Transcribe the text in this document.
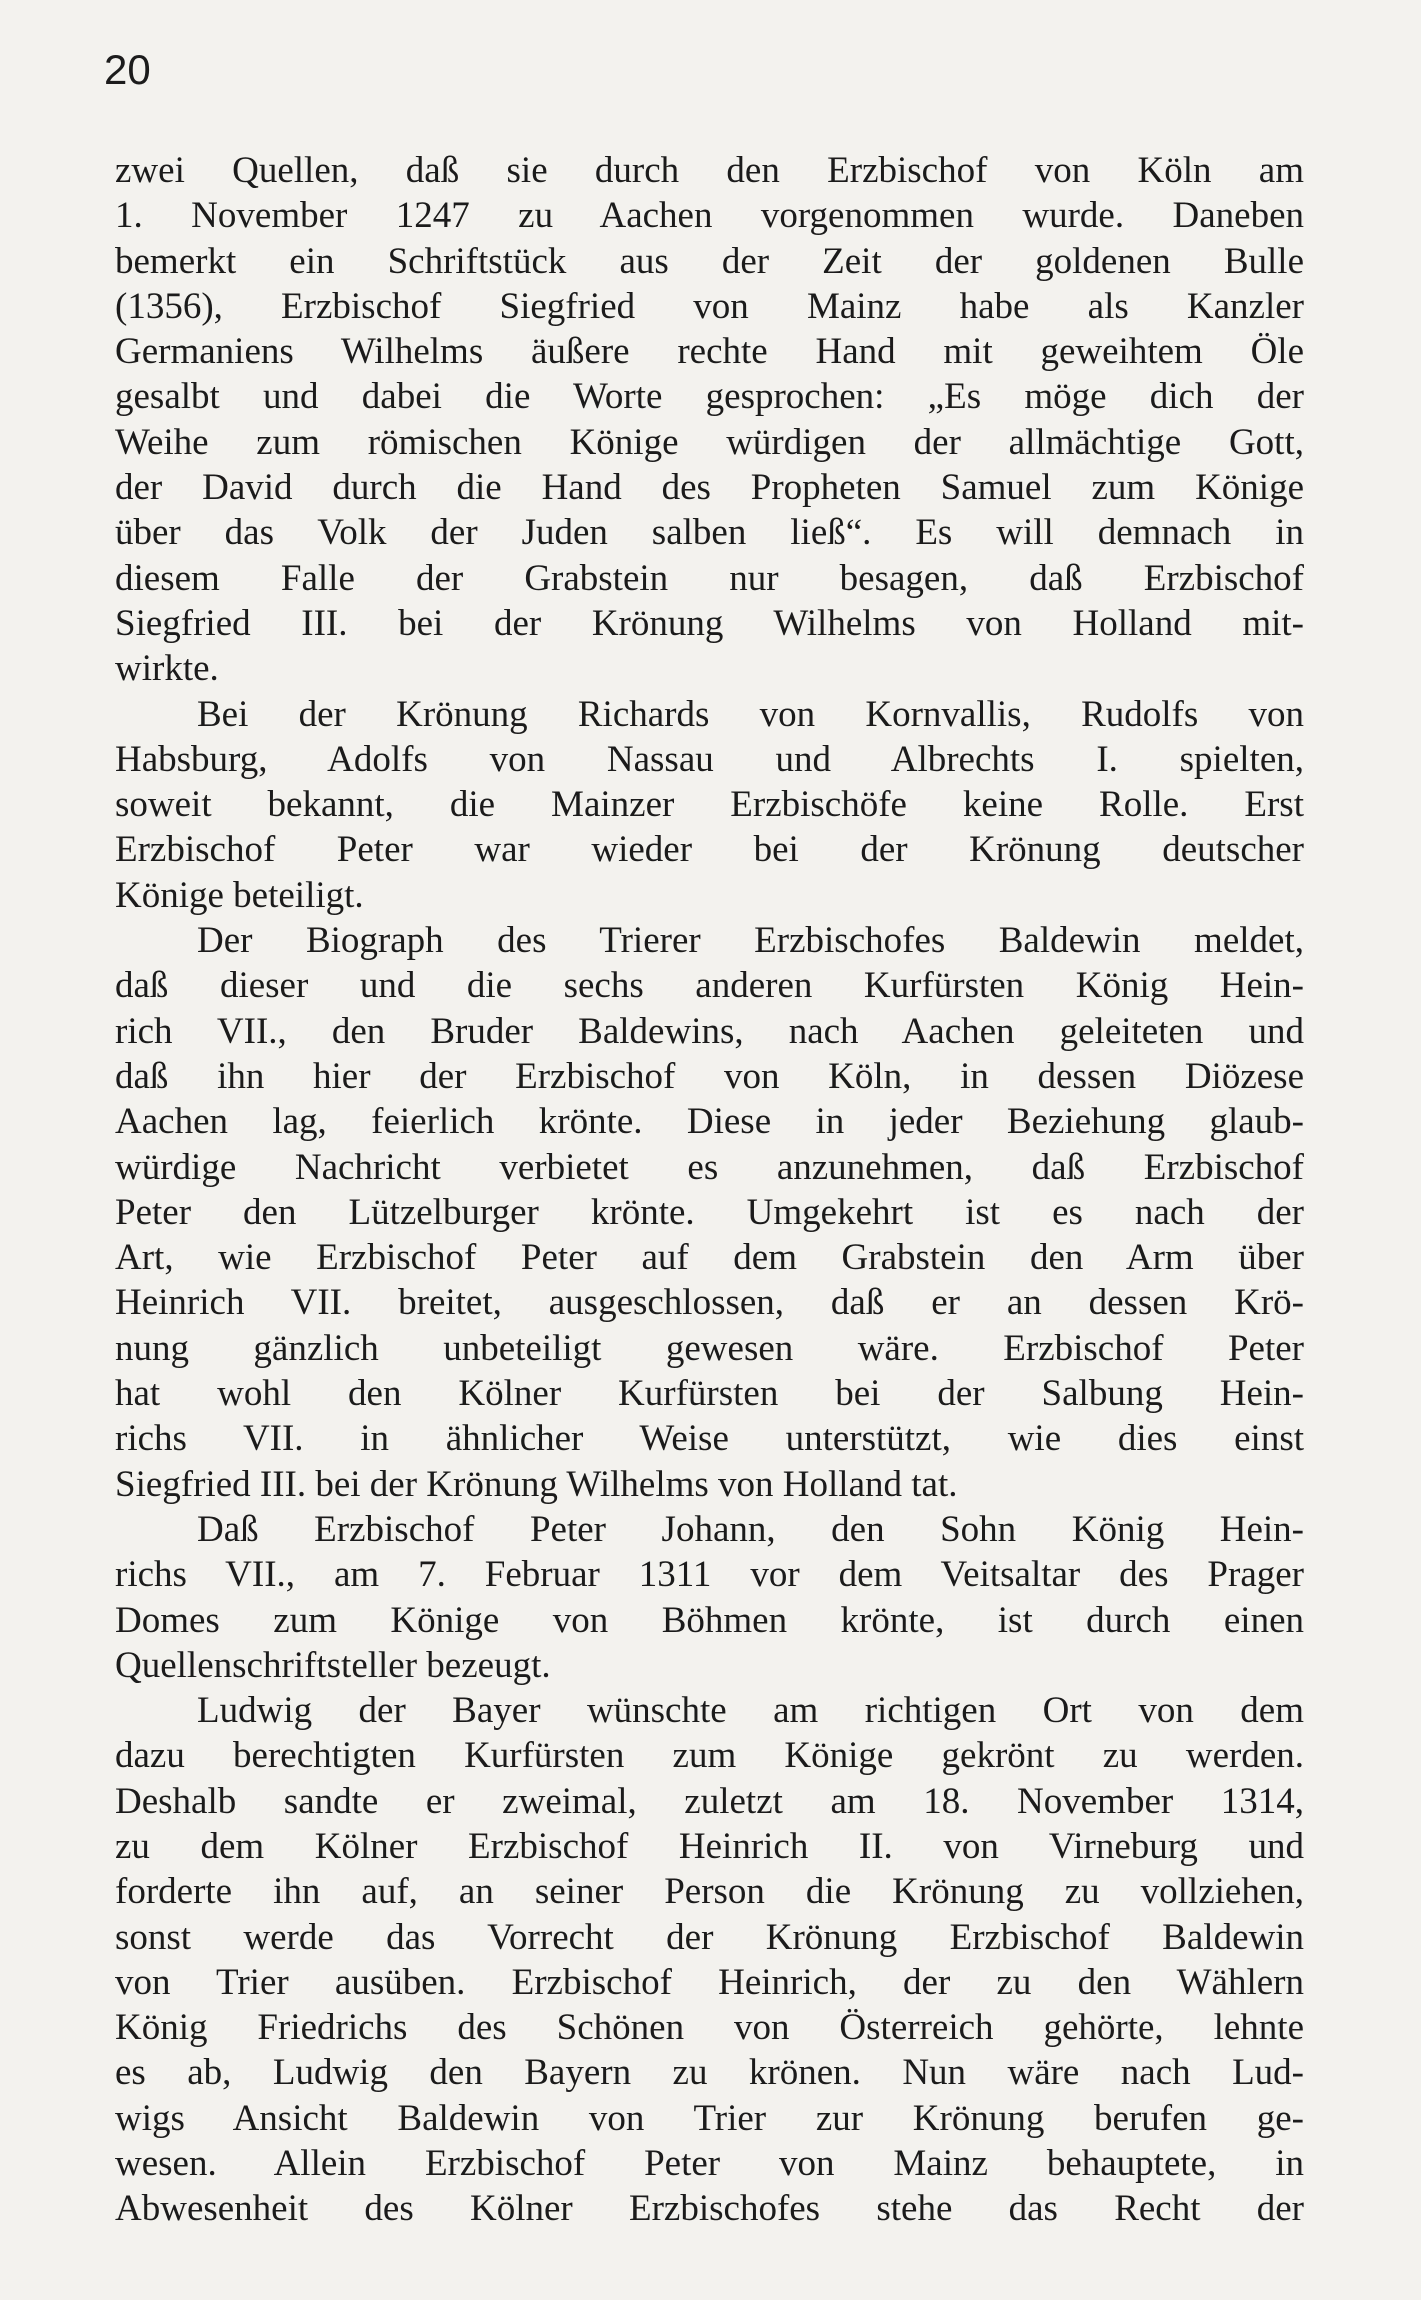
20
zwei Quellen, daß sie durch den Erzbischof von Köln am
1. November 1247 zu Aachen vorgenommen wurde. Daneben
bemerkt ein Schriftstück aus der Zeit der goldenen Bulle
(1356), Erzbischof Siegfried von Mainz habe als Kanzler
Germaniens Wilhelms äußere rechte Hand mit geweihtem Öle
gesalbt und dabei die Worte gesprochen: „Es möge dich der
Weihe zum römischen Könige würdigen der allmächtige Gott,
der David durch die Hand des Propheten Samuel zum Könige
über das Volk der Juden salben ließ“. Es will demnach in
diesem Falle der Grabstein nur besagen, daß Erzbischof
Siegfried III. bei der Krönung Wilhelms von Holland mit-
wirkte.
Bei der Krönung Richards von Kornvallis, Rudolfs von
Habsburg, Adolfs von Nassau und Albrechts I. spielten,
soweit bekannt, die Mainzer Erzbischöfe keine Rolle. Erst
Erzbischof Peter war wieder bei der Krönung deutscher
Könige beteiligt.
Der Biograph des Trierer Erzbischofes Baldewin meldet,
daß dieser und die sechs anderen Kurfürsten König Hein-
rich VII., den Bruder Baldewins, nach Aachen geleiteten und
daß ihn hier der Erzbischof von Köln, in dessen Diözese
Aachen lag, feierlich krönte. Diese in jeder Beziehung glaub-
würdige Nachricht verbietet es anzunehmen, daß Erzbischof
Peter den Lützelburger krönte. Umgekehrt ist es nach der
Art, wie Erzbischof Peter auf dem Grabstein den Arm über
Heinrich VII. breitet, ausgeschlossen, daß er an dessen Krö-
nung gänzlich unbeteiligt gewesen wäre. Erzbischof Peter
hat wohl den Kölner Kurfürsten bei der Salbung Hein-
richs VII. in ähnlicher Weise unterstützt, wie dies einst
Siegfried III. bei der Krönung Wilhelms von Holland tat.
Daß Erzbischof Peter Johann, den Sohn König Hein-
richs VII., am 7. Februar 1311 vor dem Veitsaltar des Prager
Domes zum Könige von Böhmen krönte, ist durch einen
Quellenschriftsteller bezeugt.
Ludwig der Bayer wünschte am richtigen Ort von dem
dazu berechtigten Kurfürsten zum Könige gekrönt zu werden.
Deshalb sandte er zweimal, zuletzt am 18. November 1314,
zu dem Kölner Erzbischof Heinrich II. von Virneburg und
forderte ihn auf, an seiner Person die Krönung zu vollziehen,
sonst werde das Vorrecht der Krönung Erzbischof Baldewin
von Trier ausüben. Erzbischof Heinrich, der zu den Wählern
König Friedrichs des Schönen von Österreich gehörte, lehnte
es ab, Ludwig den Bayern zu krönen. Nun wäre nach Lud-
wigs Ansicht Baldewin von Trier zur Krönung berufen ge-
wesen. Allein Erzbischof Peter von Mainz behauptete, in
Abwesenheit des Kölner Erzbischofes stehe das Recht der
